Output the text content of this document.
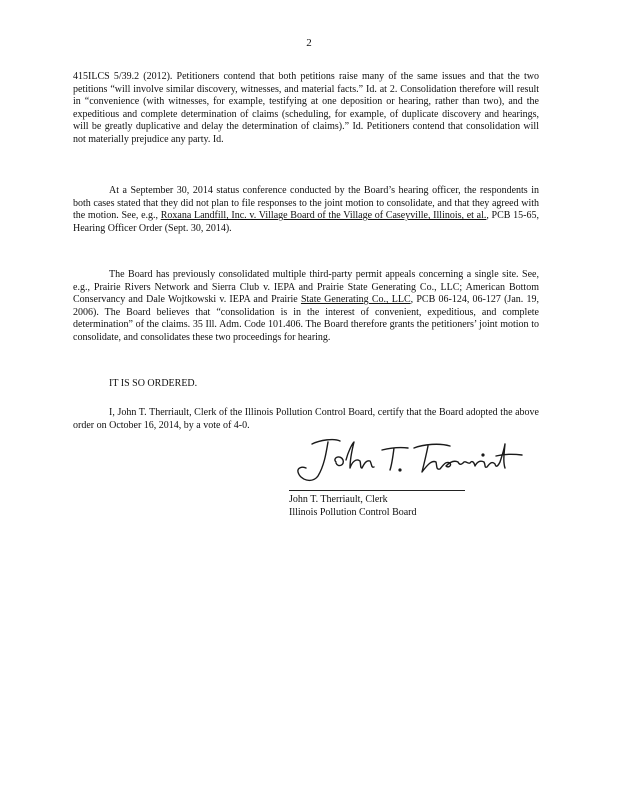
2

415ILCS 5/39.2 (2012). Petitioners contend that both petitions raise many of the same issues and that the two petitions “will involve similar discovery, witnesses, and material facts.” Id. at 2. Consolidation therefore will result in “convenience (with witnesses, for example, testifying at one deposition or hearing, rather than two), and the expeditious and complete determination of claims (scheduling, for example, of duplicate discovery and hearings, will be greatly duplicative and delay the determination of claims).” Id. Petitioners contend that consolidation will not materially prejudice any party. Id.

At a September 30, 2014 status conference conducted by the Board’s hearing officer, the respondents in both cases stated that they did not plan to file responses to the joint motion to consolidate, and that they agreed with the motion. See, e.g., Roxana Landfill, Inc. v. Village Board of the Village of Caseyville, Illinois, et al., PCB 15-65, Hearing Officer Order (Sept. 30, 2014).

The Board has previously consolidated multiple third-party permit appeals concerning a single site. See, e.g., Prairie Rivers Network and Sierra Club v. IEPA and Prairie State Generating Co., LLC; American Bottom Conservancy and Dale Wojtkowski v. IEPA and Prairie State Generating Co., LLC, PCB 06-124, 06-127 (Jan. 19, 2006). The Board believes that “consolidation is in the interest of convenient, expeditious, and complete determination” of the claims. 35 Ill. Adm. Code 101.406. The Board therefore grants the petitioners’ joint motion to consolidate, and consolidates these two proceedings for hearing.

IT IS SO ORDERED.

I, John T. Therriault, Clerk of the Illinois Pollution Control Board, certify that the Board adopted the above order on October 16, 2014, by a vote of 4-0.

John T. Therriault, Clerk
Illinois Pollution Control Board
